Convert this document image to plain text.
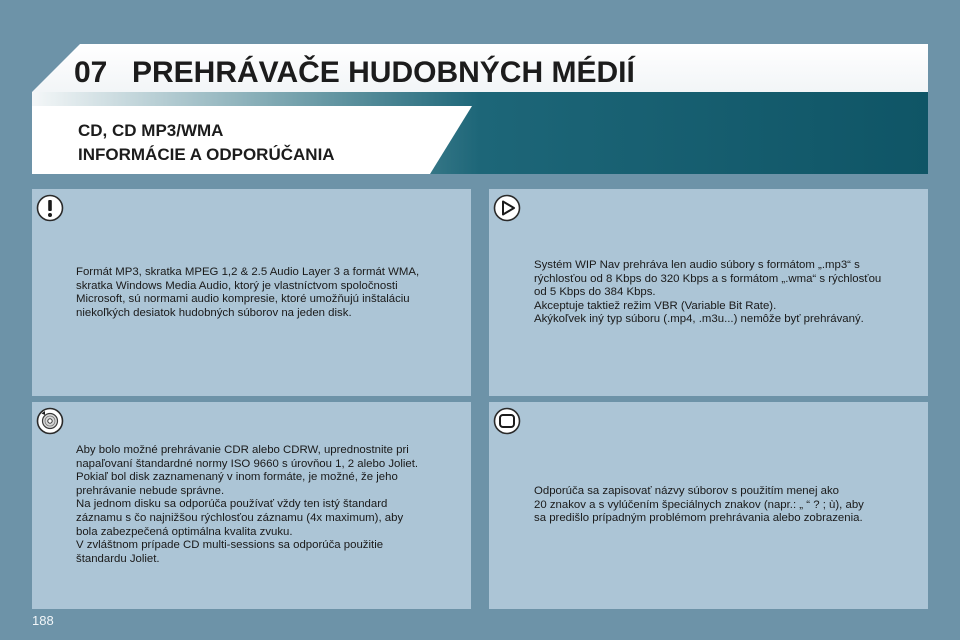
07 PREHRÁVAČE HUDOBNÝCH MÉDIÍ
CD, CD MP3/WMA
INFORMÁCIE A ODPORÚČANIA
Formát MP3, skratka MPEG 1,2 & 2.5 Audio Layer 3 a formát WMA,
skratka Windows Media Audio, ktorý je vlastníctvom spoločnosti
Microsoft, sú normami audio kompresie, ktoré umožňujú inštaláciu
niekoľkých desiatok hudobných súborov na jeden disk.
Systém WIP Nav prehráva len audio súbory s formátom „.mp3“ s
rýchlosťou od 8 Kbps do 320 Kbps a s formátom „.wma“ s rýchlosťou
od 5 Kbps do 384 Kbps.
Akceptuje taktiež režim VBR (Variable Bit Rate).
Akýkoľvek iný typ súboru (.mp4, .m3u...) nemôže byť prehrávaný.
Aby bolo možné prehrávanie CDR alebo CDRW, uprednostnite pri
napaľovaní štandardné normy ISO 9660 s úrovňou 1, 2 alebo Joliet.
Pokiaľ bol disk zaznamenaný v inom formáte, je možné, že jeho
prehrávanie nebude správne.
Na jednom disku sa odporúča používať vždy ten istý štandard
záznamu s čo najnižšou rýchlosťou záznamu (4x maximum), aby
bola zabezpečená optimálna kvalita zvuku.
V zvláštnom prípade CD multi-sessions sa odporúča použitie
štandardu Joliet.
Odporúča sa zapisovať názvy súborov s použitím menej ako
20 znakov a s vylúčením špeciálnych znakov (napr.: „ “ ? ; ù), aby
sa predišlo prípadným problémom prehrávania alebo zobrazenia.
188
